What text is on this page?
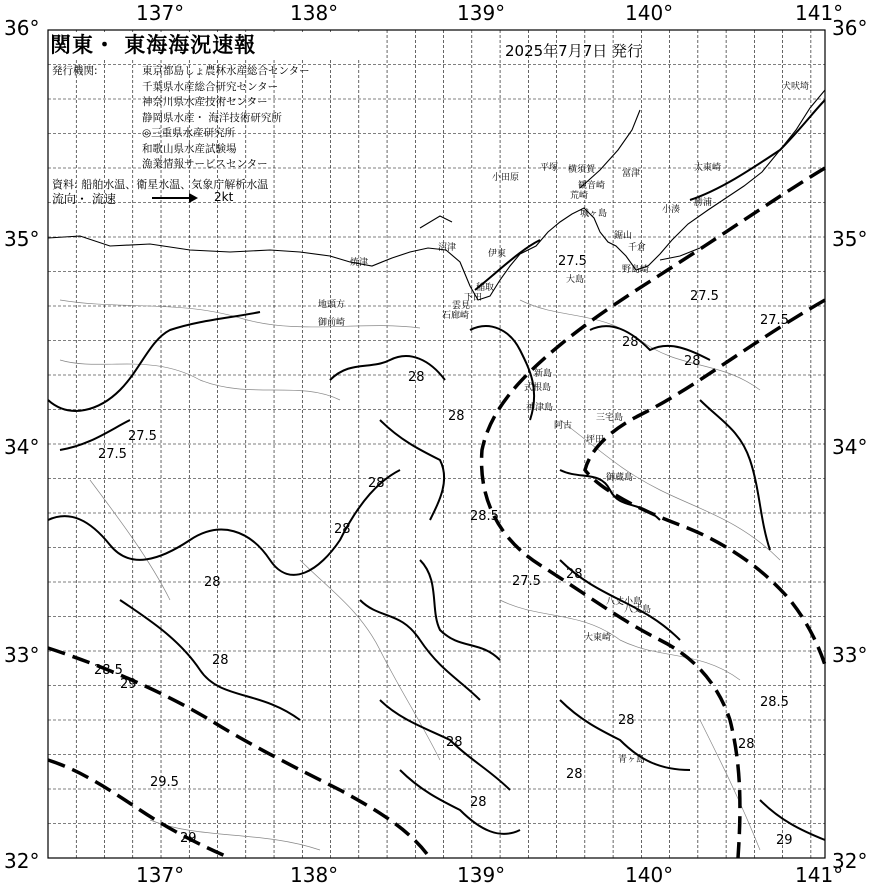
137°	138°	139°	140°	141°
137°	138°	139°	140°	141°
36°
35°
34°
33°
32°
36°
35°
34°
33°
32°
27.5
27.5
27.5
27.5
27.5
27.5
28
28
28
28
28
28
28
28
28
28
28
28
28
28
28.5
28.5
28.5
29
29	29
29.5
犬吠埼
太東崎
勝浦
小湊
千倉
鋸山
富津
観音崎
横須賀
荒崎
城ヶ島
平塚
小田原
伊東
稲取
下田
石廊崎
雲見
沼津
焼津
御前崎
地頭方
大島
新島
式根島
神津島
三宅島
御蔵島
坪田
阿古
八丈島
八丈小島
大東崎
青ヶ島
野島崎
関東・ 東海海況速報	2025年7月7日 発行
発行機関:	東京都島しょ農林水産総合センター
千葉県水産総合研究センター
神奈川県水産技術センター
静岡県水産・ 海洋技術研究所
◎三重県水産研究所
和歌山県水産試験場
漁業情報サービスセンター
資料: 船舶水温、衛星水温、気象庁解析水温
流向・ 流速	2kt
